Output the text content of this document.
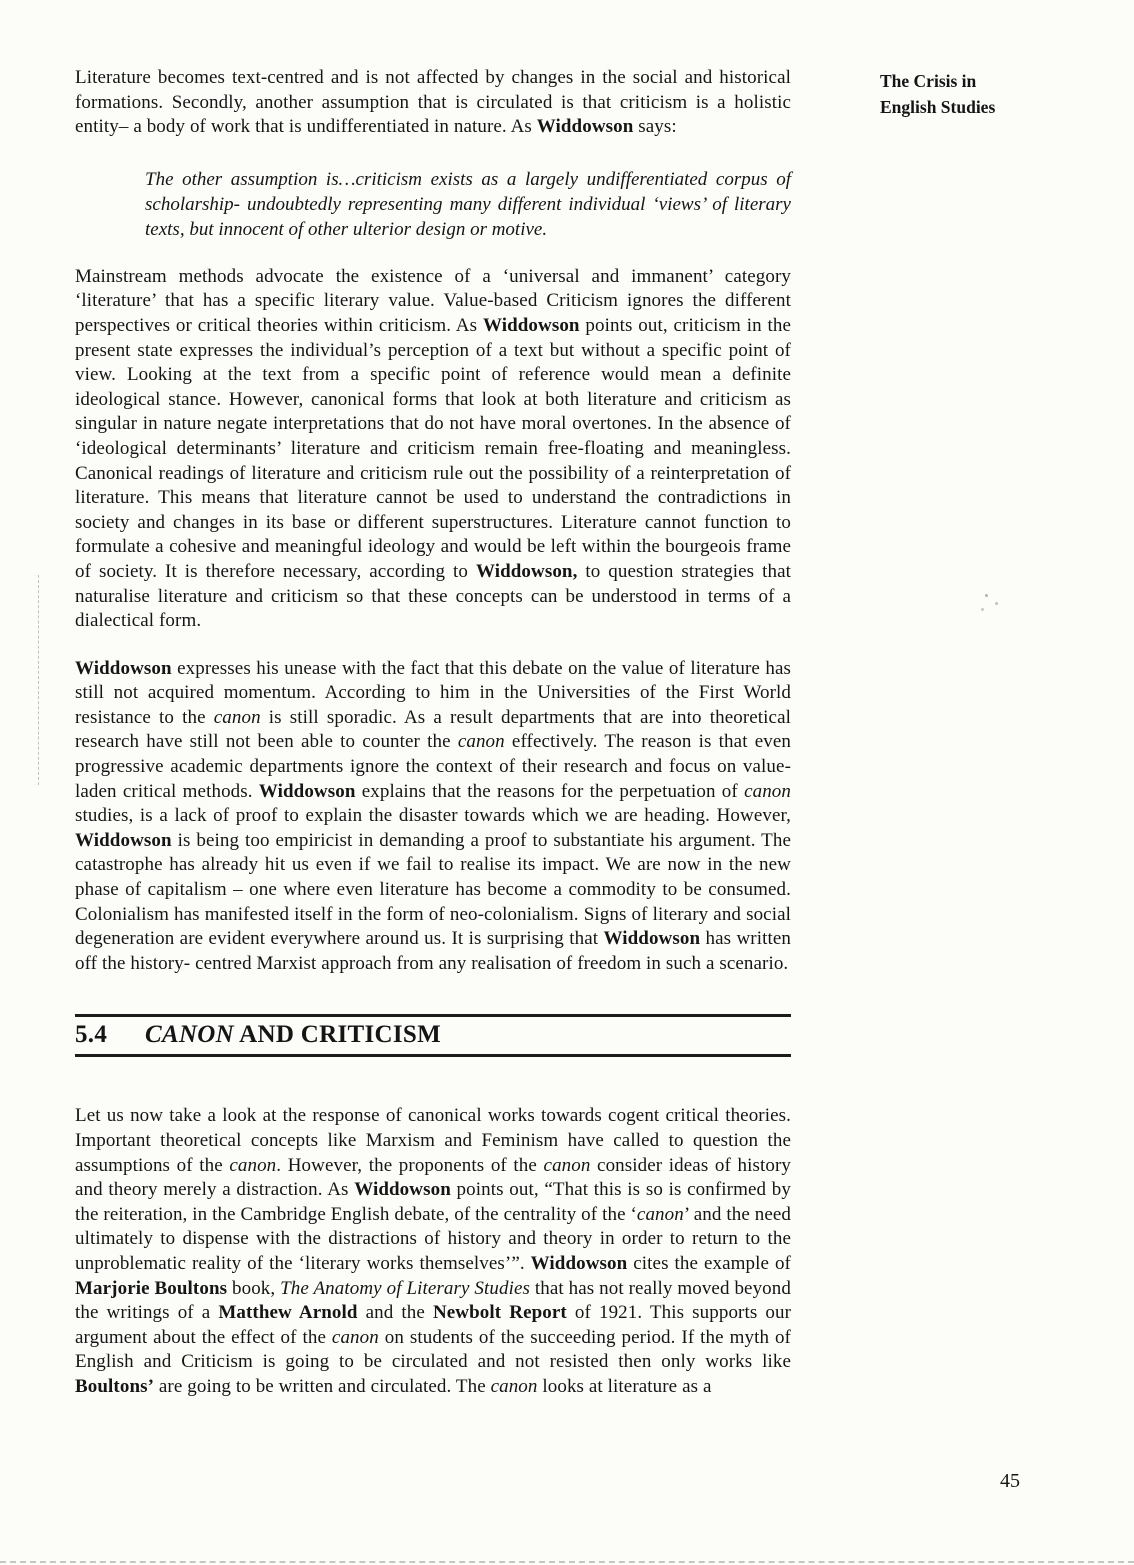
The Crisis in
English Studies

Literature becomes text-centred and is not affected by changes in the social and historical formations. Secondly, another assumption that is circulated is that criticism is a holistic entity– a body of work that is undifferentiated in nature. As Widdowson says:

The other assumption is…criticism exists as a largely undifferentiated corpus of scholarship- undoubtedly representing many different individual ‘views’ of literary texts, but innocent of other ulterior design or motive.

Mainstream methods advocate the existence of a ‘universal and immanent’ category ‘literature’ that has a specific literary value. Value-based Criticism ignores the different perspectives or critical theories within criticism. As Widdowson points out, criticism in the present state expresses the individual’s perception of a text but without a specific point of view. Looking at the text from a specific point of reference would mean a definite ideological stance. However, canonical forms that look at both literature and criticism as singular in nature negate interpretations that do not have moral overtones. In the absence of ‘ideological determinants’ literature and criticism remain free-floating and meaningless. Canonical readings of literature and criticism rule out the possibility of a reinterpretation of literature. This means that literature cannot be used to understand the contradictions in society and changes in its base or different superstructures. Literature cannot function to formulate a cohesive and meaningful ideology and would be left within the bourgeois frame of society. It is therefore necessary, according to Widdowson, to question strategies that naturalise literature and criticism so that these concepts can be understood in terms of a dialectical form.

Widdowson expresses his unease with the fact that this debate on the value of literature has still not acquired momentum. According to him in the Universities of the First World resistance to the canon is still sporadic. As a result departments that are into theoretical research have still not been able to counter the canon effectively. The reason is that even progressive academic departments ignore the context of their research and focus on value-laden critical methods. Widdowson explains that the reasons for the perpetuation of canon studies, is a lack of proof to explain the disaster towards which we are heading. However, Widdowson is being too empiricist in demanding a proof to substantiate his argument. The catastrophe has already hit us even if we fail to realise its impact. We are now in the new phase of capitalism – one where even literature has become a commodity to be consumed. Colonialism has manifested itself in the form of neo-colonialism. Signs of literary and social degeneration are evident everywhere around us. It is surprising that Widdowson has written off the history- centred Marxist approach from any realisation of freedom in such a scenario.

5.4	CANON AND CRITICISM

Let us now take a look at the response of canonical works towards cogent critical theories. Important theoretical concepts like Marxism and Feminism have called to question the assumptions of the canon. However, the proponents of the canon consider ideas of history and theory merely a distraction. As Widdowson points out, “That this is so is confirmed by the reiteration, in the Cambridge English debate, of the centrality of the ‘canon’ and the need ultimately to dispense with the distractions of history and theory in order to return to the unproblematic reality of the ‘literary works themselves’”. Widdowson cites the example of Marjorie Boultons book, The Anatomy of Literary Studies that has not really moved beyond the writings of a Matthew Arnold and the Newbolt Report of 1921. This supports our argument about the effect of the canon on students of the succeeding period. If the myth of English and Criticism is going to be circulated and not resisted then only works like Boultons’ are going to be written and circulated. The canon looks at literature as a

45
